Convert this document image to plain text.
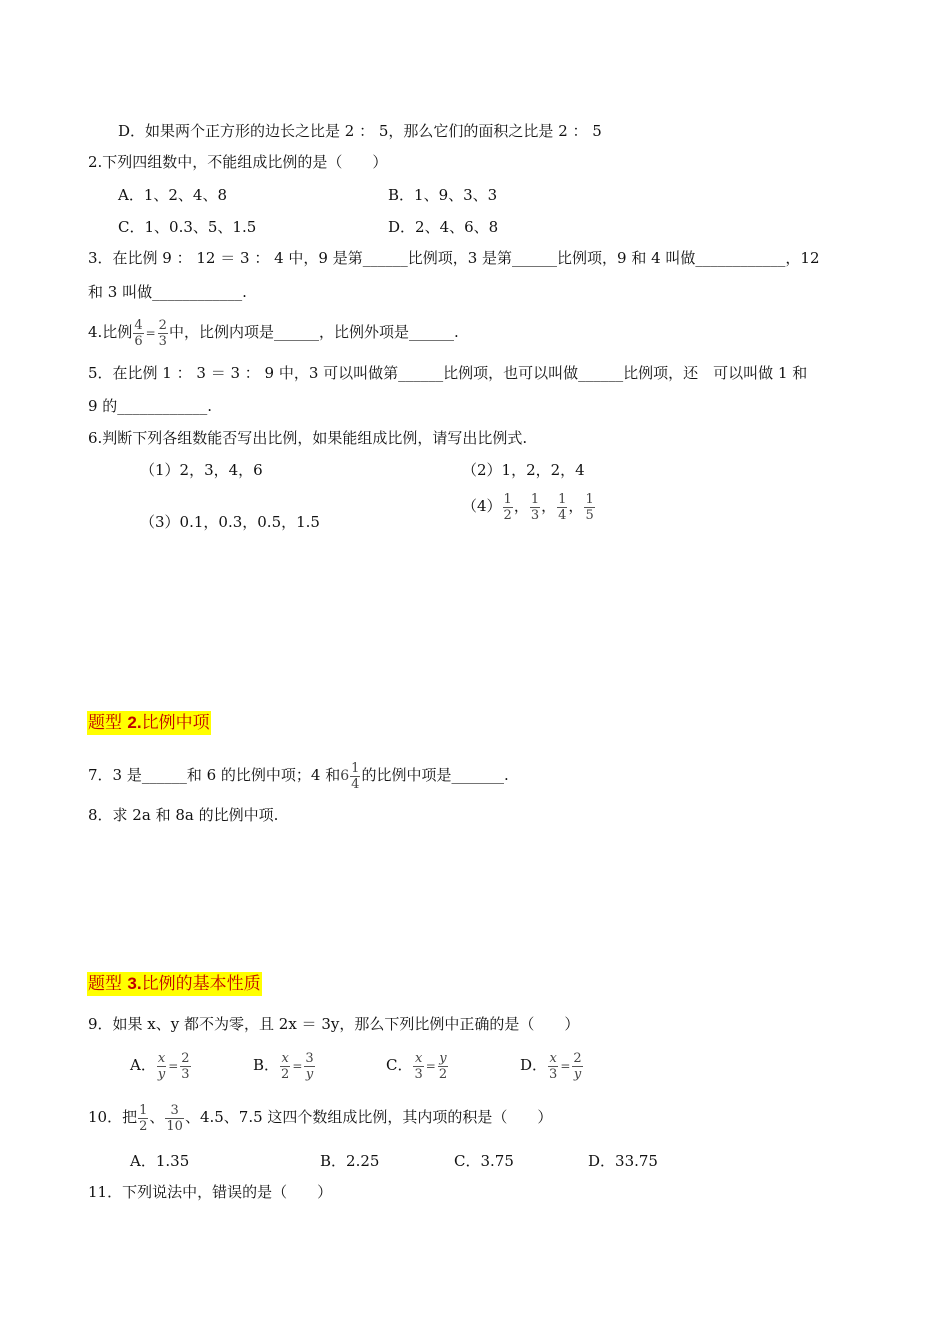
D．如果两个正方形的边长之比是 2 ： 5，那么它们的面积之比是 2 ： 5
2.下列四组数中，不能组成比例的是（　　）
A．1、2、4、8	B．1、9、3、3
C．1、0.3、5、1.5	D．2、4、6、8
3．在比例 9 ： 12 ＝ 3 ： 4 中，9 是第______比例项，3 是第______比例项，9 和 4 叫做____________，12
和 3 叫做____________.
4.比例 $\frac{4}{6} = \frac{2}{3}$ 中，比例内项是______，比例外项是______.
5．在比例 1 ： 3 ＝ 3 ： 9 中，3 可以叫做第______比例项，也可以叫做______比例项，还　可以叫做 1 和
9 的____________.
6.判断下列各组数能否写出比例，如果能组成比例，请写出比例式.
（1）2，3，4，6	（2）1，2，2，4
（3）0.1，0.3，0.5，1.5
$(4) \frac{1}{2}$ ， $\frac{1}{3}$ ， $\frac{1}{4}$ ， $\frac{1}{5}$
题型 2.比例中项
7．3 是______和 6 的比例中项；4 和$6 \frac{1}{4}$ 的比例中项是_______.
8．求 2a 和 8a 的比例中项.
题型 3.比例的基本性质
9．如果 x、y 都不为零，且 2x ＝ 3y，那么下列比例中正确的是（　　）
A． $\frac{x}{y} = \frac{2}{3}$	B． $\frac{x}{2} = \frac{3}{y}$	C． $\frac{x}{3} = \frac{y}{2}$	D． $\frac{x}{3} = \frac{2}{y}$
10．把 $\frac{1}{2}$ 、 $\frac{3}{10}$ 、4.5、7.5 这四个数组成比例，其内项的积是（　　）
A．1.35	B．2.25	C．3.75	D．33.75
11．下列说法中，错误的是（　　）
